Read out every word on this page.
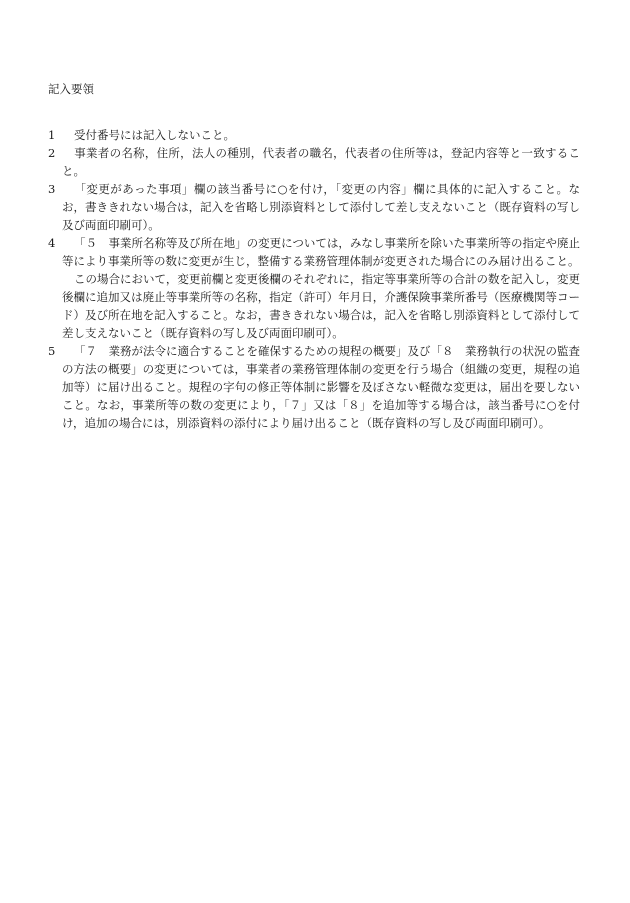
記入要領
1 受付番号には記入しないこと。
2 事業者の名称，住所，法人の種別，代表者の職名，代表者の住所等は，登記内容等と一致すること。
3 「変更があった事項」欄の該当番号に○を付け，「変更の内容」欄に具体的に記入すること。なお，書ききれない場合は，記入を省略し別添資料として添付して差し支えないこと（既存資料の写し及び両面印刷可）。
4 「５　事業所名称等及び所在地」の変更については，みなし事業所を除いた事業所等の指定や廃止等により事業所等の数に変更が生じ，整備する業務管理体制が変更された場合にのみ届け出ること。
この場合において，変更前欄と変更後欄のそれぞれに，指定等事業所等の合計の数を記入し，変更後欄に追加又は廃止等事業所等の名称，指定（許可）年月日，介護保険事業所番号（医療機関等コード）及び所在地を記入すること。なお，書ききれない場合は，記入を省略し別添資料として添付して差し支えないこと（既存資料の写し及び両面印刷可）。
5 「７　業務が法令に適合することを確保するための規程の概要」及び「８　業務執行の状況の監査の方法の概要」の変更については，事業者の業務管理体制の変更を行う場合（組織の変更，規程の追加等）に届け出ること。規程の字句の修正等体制に影響を及ぼさない軽微な変更は，届出を要しないこと。なお，事業所等の数の変更により，「７」又は「８」を追加等する場合は，該当番号に○を付け，追加の場合には，別添資料の添付により届け出ること（既存資料の写し及び両面印刷可）。
